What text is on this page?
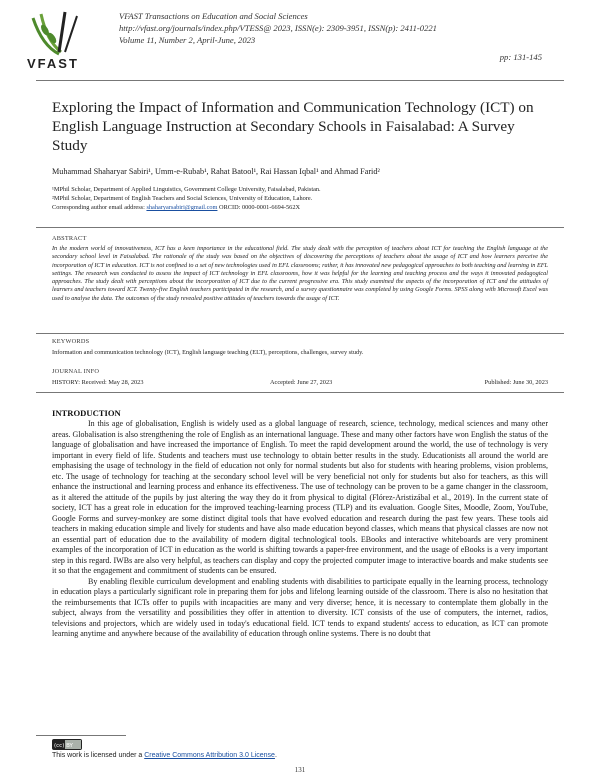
VFAST
VFAST Transactions on Education and Social Sciences
http://vfast.org/journals/index.php/VTESS@ 2023, ISSN(e): 2309-3951, ISSN(p): 2411-0221
Volume 11, Number 2, April-June, 2023
pp: 131-145
Exploring the Impact of Information and Communication Technology (ICT) on English Language Instruction at Secondary Schools in Faisalabad: A Survey Study
Muhammad Shaharyar Sabiri¹, Umm-e-Rubab¹, Rahat Batool¹, Rai Hassan Iqbal¹ and Ahmad Farid²
¹MPhil Scholar, Department of Applied Linguistics, Government College University, Faisalabad, Pakistan.
²MPhil Scholar, Department of English Teachers and Social Sciences, University of Education, Lahore.
Corresponding author email address: shaharyarsabiri@gmail.com ORCID: 0000-0001-6694-562X
ABSTRACT
In the modern world of innovativeness, ICT has a keen importance in the educational field. The study dealt with the perception of teachers about ICT for teaching the English language at the secondary school level in Faisalabad. The rationale of the study was based on the objectives of discovering the perceptions of teachers about the usage of ICT and how learners perceive the incorporation of ICT in education. ICT is not confined to a set of new technologies used in EFL classrooms; rather, it has innovated new pedagogical approaches to both teaching and learning in EFL settings. The research was conducted to assess the impact of ICT technology in EFL classrooms, how it was helpful for the learning and teaching process and the ways it innovated pedagogical approaches. The study dealt with perceptions about the incorporation of ICT due to the current progressive era. This study examined the aspects of the incorporation of ICT and the attitudes of learners and teachers toward ICT. Twenty-five English teachers participated in the research, and a survey questionnaire was completed by using Google Forms. SPSS along with Microsoft Excel was used to analyse the data. The outcomes of the study revealed positive attitudes of teachers towards the usage of ICT.
KEYWORDS
Information and communication technology (ICT), English language teaching (ELT), perceptions, challenges, survey study.
JOURNAL INFO
HISTORY: Received: May 28, 2023	Accepted: June 27, 2023	Published: June 30, 2023
INTRODUCTION

In this age of globalisation, English is widely used as a global language of research, science, technology, medical sciences and many other areas. Globalisation is also strengthening the role of English as an international language. These and many other factors have won English the status of the language of globalisation and have increased the importance of English. To meet the rapid development around the world, the use of technology is very important in every field of life. Students and teachers must use technology to obtain better results in the study. Educationists all around the world are emphasising the usage of technology in the field of education not only for normal students but also for students with hearing problems, vision problems, etc. The usage of technology for teaching at the secondary school level will be very beneficial not only for students but also for teachers, as this will enhance the instructional and learning process and enhance its effectiveness. The use of technology can be proven to be a game changer in the classroom, as it altered the attitude of the pupils by just altering the way they do it from physical to digital (Flórez-Aristizábal et al., 2019). In the current state of society, ICT has a great role in education for the improved teaching-learning process (TLP) and its evaluation. Google Sites, Moodle, Zoom, YouTube, Google Forms and survey-monkey are some distinct digital tools that have evolved education and research during the past few years. These tools aid teachers in making education simple and lively for students and have also made education beyond classes, which means that physical classes are now not an essential part of education due to the availability of modern digital technological tools. EBooks and interactive whiteboards are very prominent examples of the incorporation of ICT in education as the world is shifting towards a paper-free environment, and the usage of eBooks is a very important step in this regard. IWBs are also very helpful, as teachers can display and copy the projected computer image to interactive boards and make students see it so that the engagement and commitment of students can be ensured.

By enabling flexible curriculum development and enabling students with disabilities to participate equally in the learning process, technology in education plays a particularly significant role in preparing them for jobs and lifelong learning outside of the classroom. There is also no hesitation that the reimbursements that ICTs offer to pupils with incapacities are many and very diverse; hence, it is necessary to contemplate them globally in the subject, always from the versatility and possibilities they offer in attention to diversity. ICT consists of the use of computers, the internet, radios, televisions and projectors, which are widely used in today's educational field. ICT tends to expand students' access to education, as ICT can promote learning anytime and anywhere because of the availability of education through online systems. There is no doubt that

(cc) BY
This work is licensed under a Creative Commons Attribution 3.0 License.
131
